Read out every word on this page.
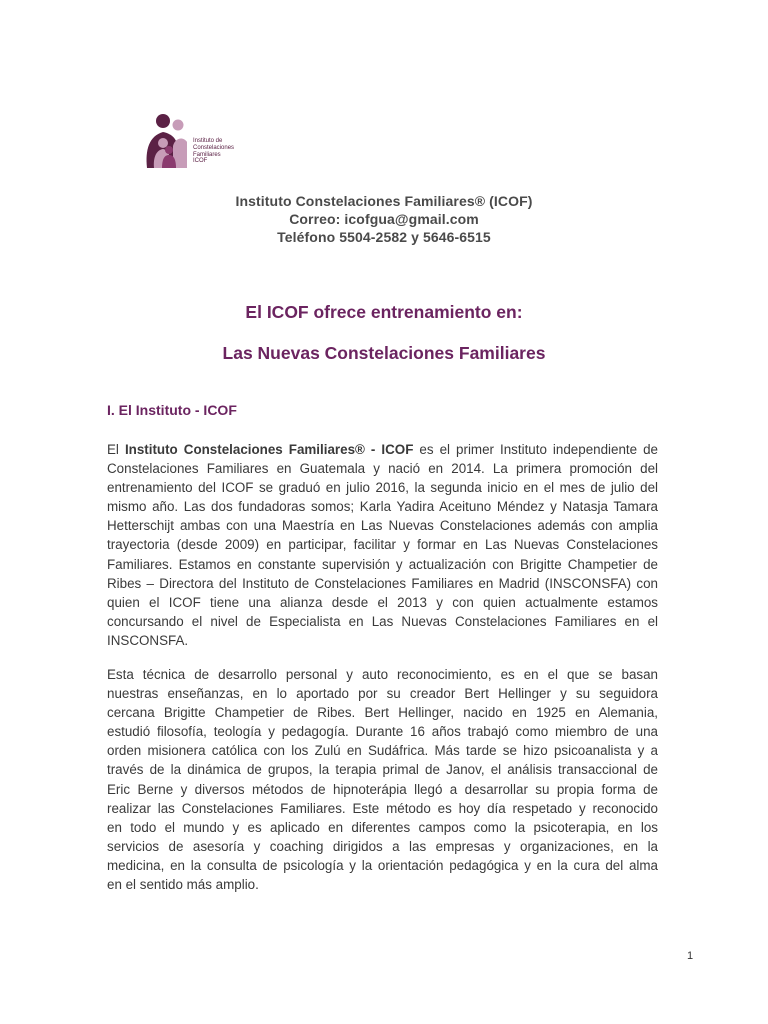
Instituto de
Constelaciones
Familiares
ICOF
Instituto Constelaciones Familiares® (ICOF)
Correo: icofgua@gmail.com
Teléfono 5504-2582 y 5646-6515
El ICOF ofrece entrenamiento en:
Las Nuevas Constelaciones Familiares
I. El Instituto - ICOF
El Instituto Constelaciones Familiares® - ICOF es el primer Instituto independiente de
Constelaciones Familiares en Guatemala y nació en 2014. La primera promoción del
entrenamiento del ICOF se graduó en julio 2016, la segunda inicio en el mes de julio del
mismo año. Las dos fundadoras somos; Karla Yadira Aceituno Méndez y Natasja Tamara
Hetterschijt ambas con una Maestría en Las Nuevas Constelaciones además con amplia
trayectoria (desde 2009) en participar, facilitar y formar en Las Nuevas Constelaciones
Familiares. Estamos en constante supervisión y actualización con Brigitte Champetier de
Ribes – Directora del Instituto de Constelaciones Familiares en Madrid (INSCONSFA) con
quien el ICOF tiene una alianza desde el 2013 y con quien actualmente estamos
concursando el nivel de Especialista en Las Nuevas Constelaciones Familiares en el
INSCONSFA.
Esta técnica de desarrollo personal y auto reconocimiento, es en el que se basan
nuestras enseñanzas, en lo aportado por su creador Bert Hellinger y su seguidora
cercana Brigitte Champetier de Ribes. Bert Hellinger, nacido en 1925 en Alemania,
estudió filosofía, teología y pedagogía. Durante 16 años trabajó como miembro de una
orden misionera católica con los Zulú en Sudáfrica. Más tarde se hizo psicoanalista y a
través de la dinámica de grupos, la terapia primal de Janov, el análisis transaccional de
Eric Berne y diversos métodos de hipnoterápia llegó a desarrollar su propia forma de
realizar las Constelaciones Familiares. Este método es hoy día respetado y reconocido
en todo el mundo y es aplicado en diferentes campos como la psicoterapia, en los
servicios de asesoría y coaching dirigidos a las empresas y organizaciones, en la
medicina, en la consulta de psicología y la orientación pedagógica y en la cura del alma
en el sentido más amplio.
1
